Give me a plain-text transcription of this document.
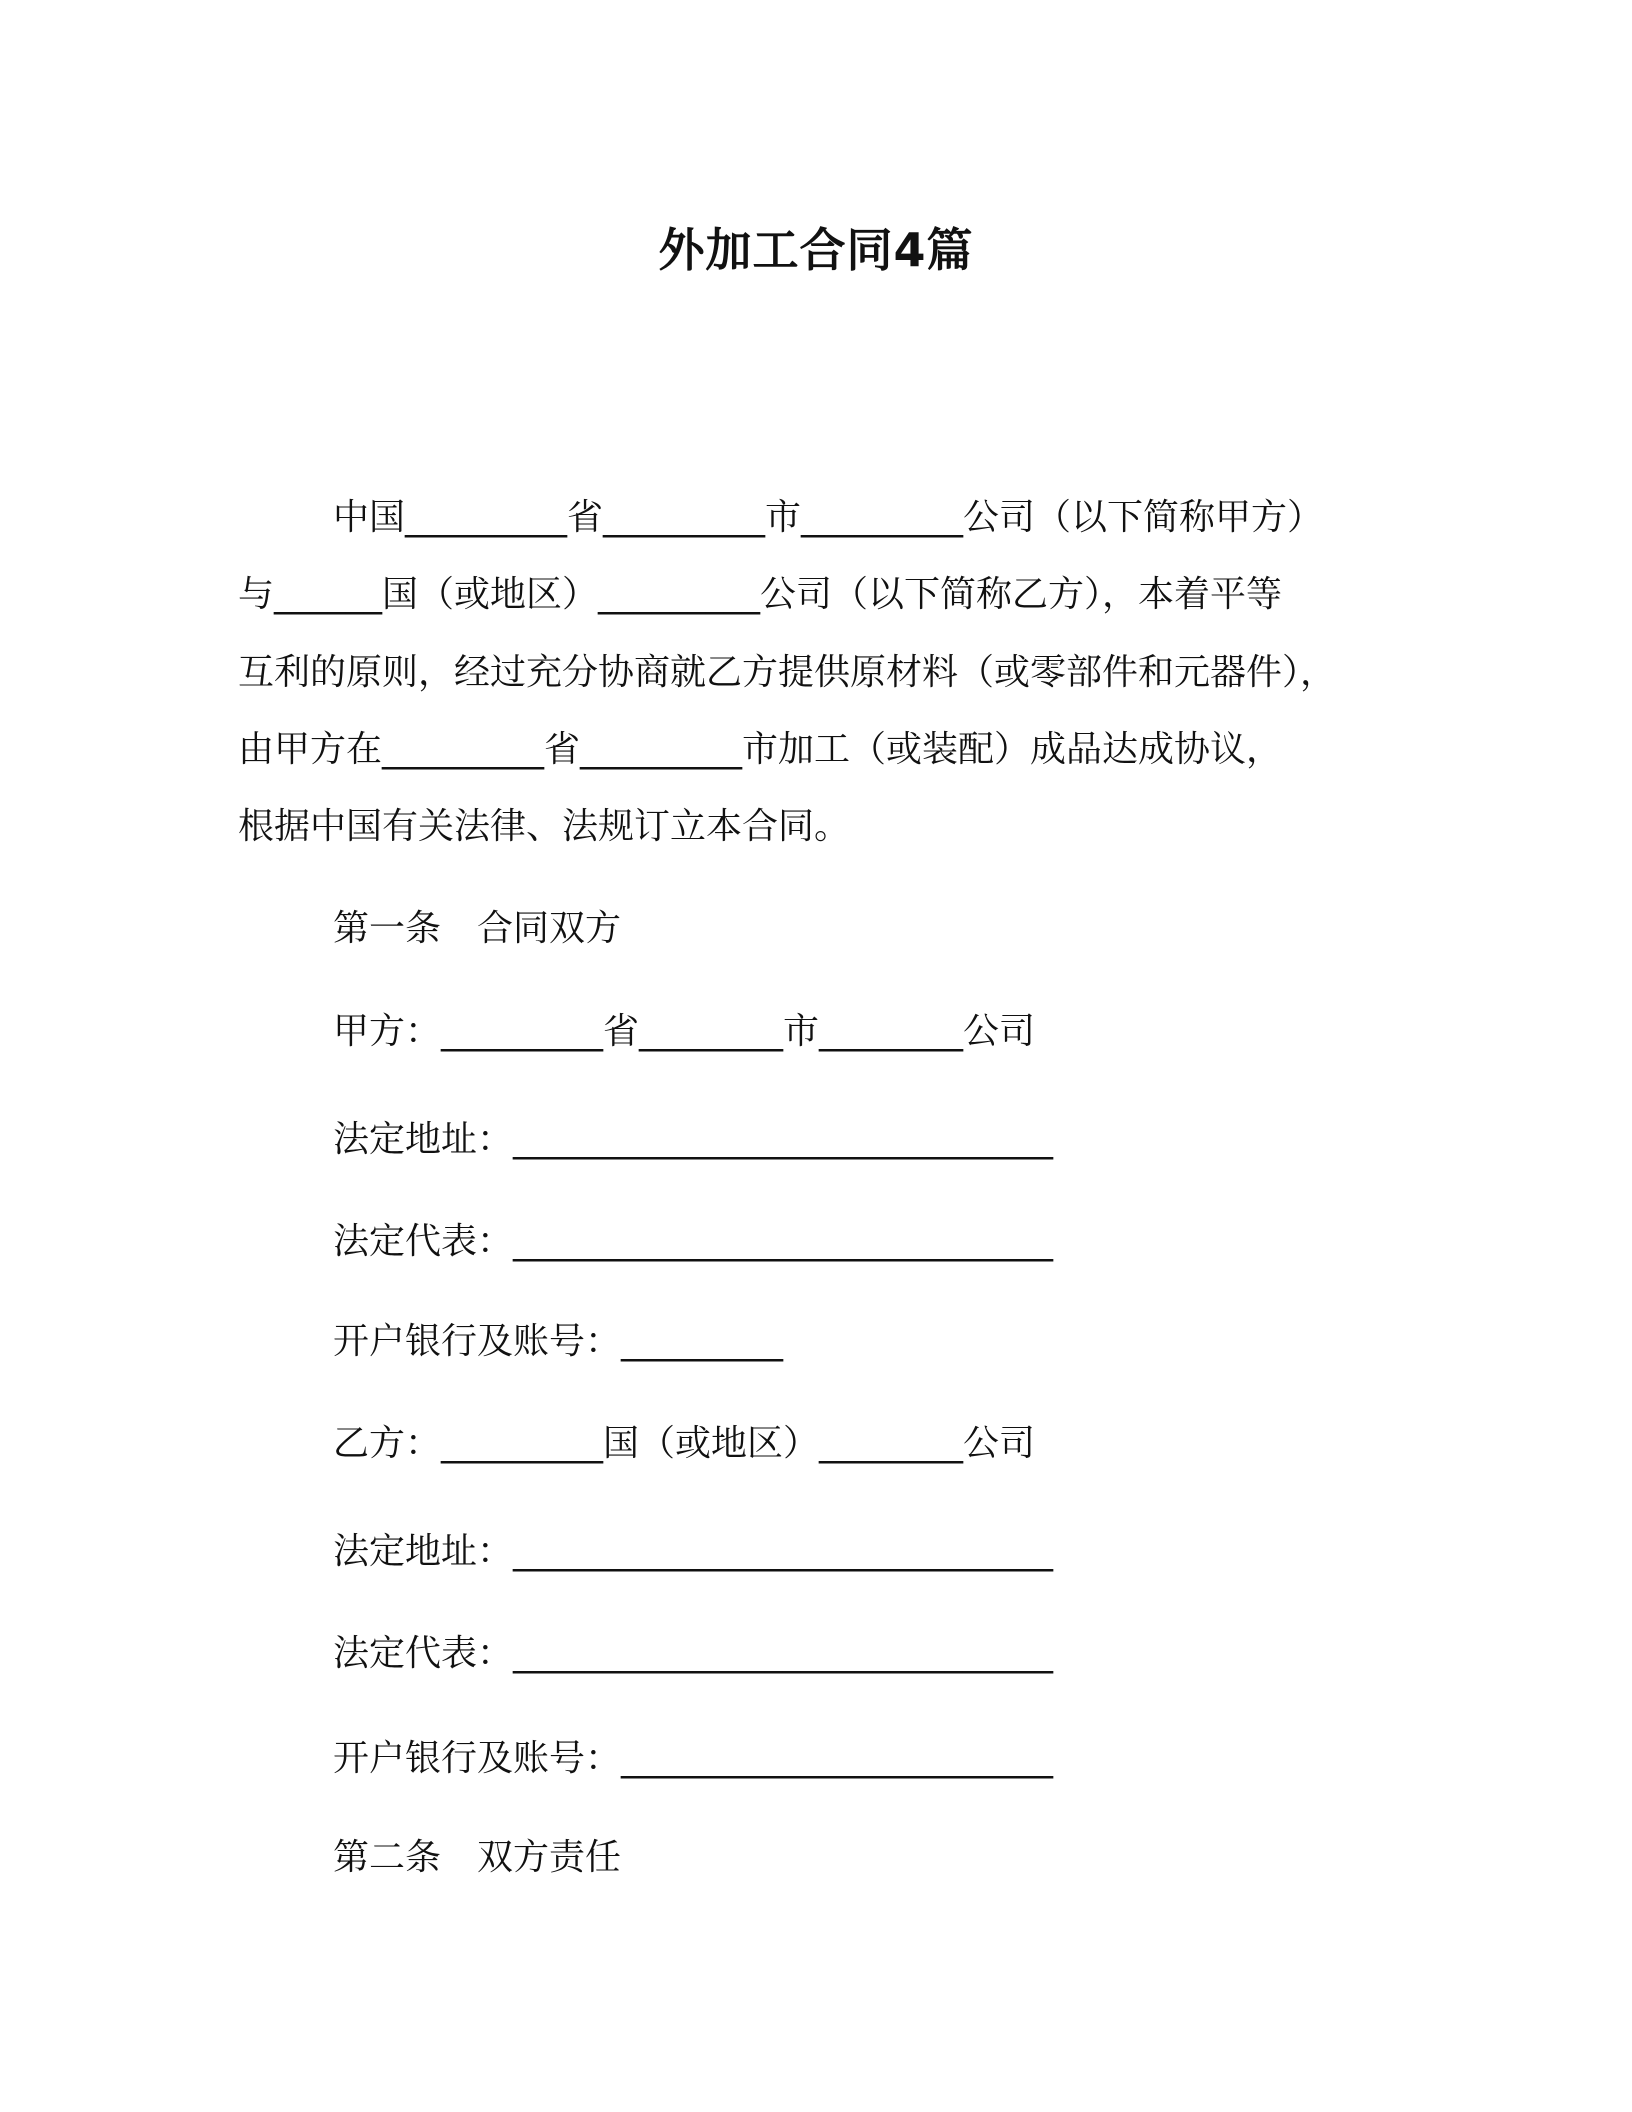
外加工合同4篇
中国_________省_________市_________公司（以下简称甲方）
与______国（或地区）_________公司（以下简称乙方），本着平等
互利的原则，经过充分协商就乙方提供原材料（或零部件和元器件），
由甲方在_________省_________市加工（或装配）成品达成协议，
根据中国有关法律、法规订立本合同。
第一条　合同双方
甲方：_________省________市________公司
法定地址：______________________________
法定代表：______________________________
开户银行及账号：_________
乙方：_________国（或地区）________公司
法定地址：______________________________
法定代表：______________________________
开户银行及账号：________________________
第二条　双方责任
